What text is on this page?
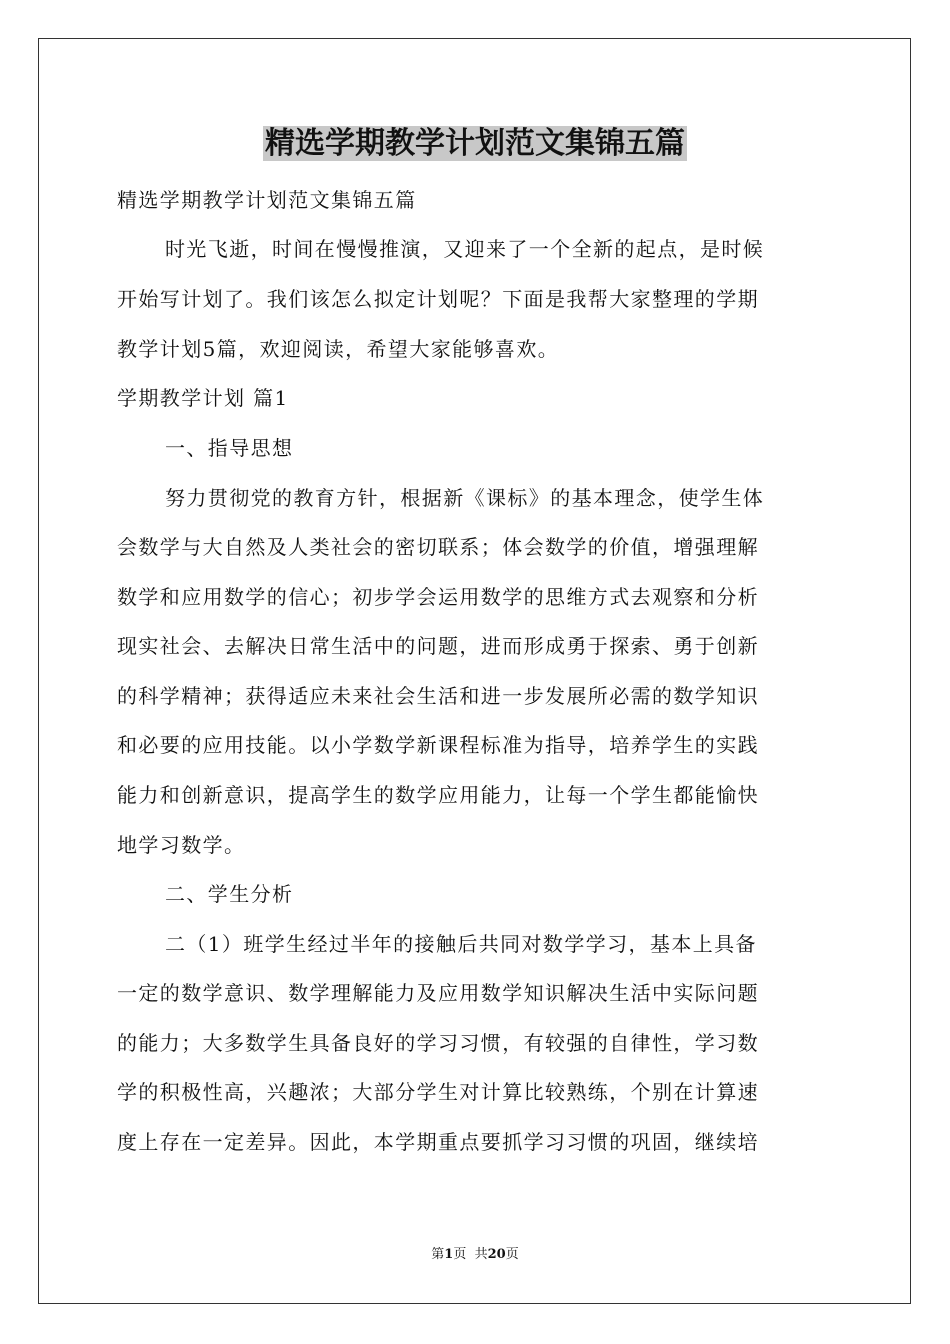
精选学期教学计划范文集锦五篇
精选学期教学计划范文集锦五篇
时光飞逝，时间在慢慢推演，又迎来了一个全新的起点，是时候
开始写计划了。我们该怎么拟定计划呢？下面是我帮大家整理的学期
教学计划5篇，欢迎阅读，希望大家能够喜欢。
学期教学计划 篇1
一、指导思想
努力贯彻党的教育方针，根据新《课标》的基本理念，使学生体
会数学与大自然及人类社会的密切联系；体会数学的价值，增强理解
数学和应用数学的信心；初步学会运用数学的思维方式去观察和分析
现实社会、去解决日常生活中的问题，进而形成勇于探索、勇于创新
的科学精神；获得适应未来社会生活和进一步发展所必需的数学知识
和必要的应用技能。以小学数学新课程标准为指导，培养学生的实践
能力和创新意识，提高学生的数学应用能力，让每一个学生都能愉快
地学习数学。
二、学生分析
二（1）班学生经过半年的接触后共同对数学学习，基本上具备
一定的数学意识、数学理解能力及应用数学知识解决生活中实际问题
的能力；大多数学生具备良好的学习习惯，有较强的自律性，学习数
学的积极性高，兴趣浓；大部分学生对计算比较熟练，个别在计算速
度上存在一定差异。因此，本学期重点要抓学习习惯的巩固，继续培
第1页  共20页
